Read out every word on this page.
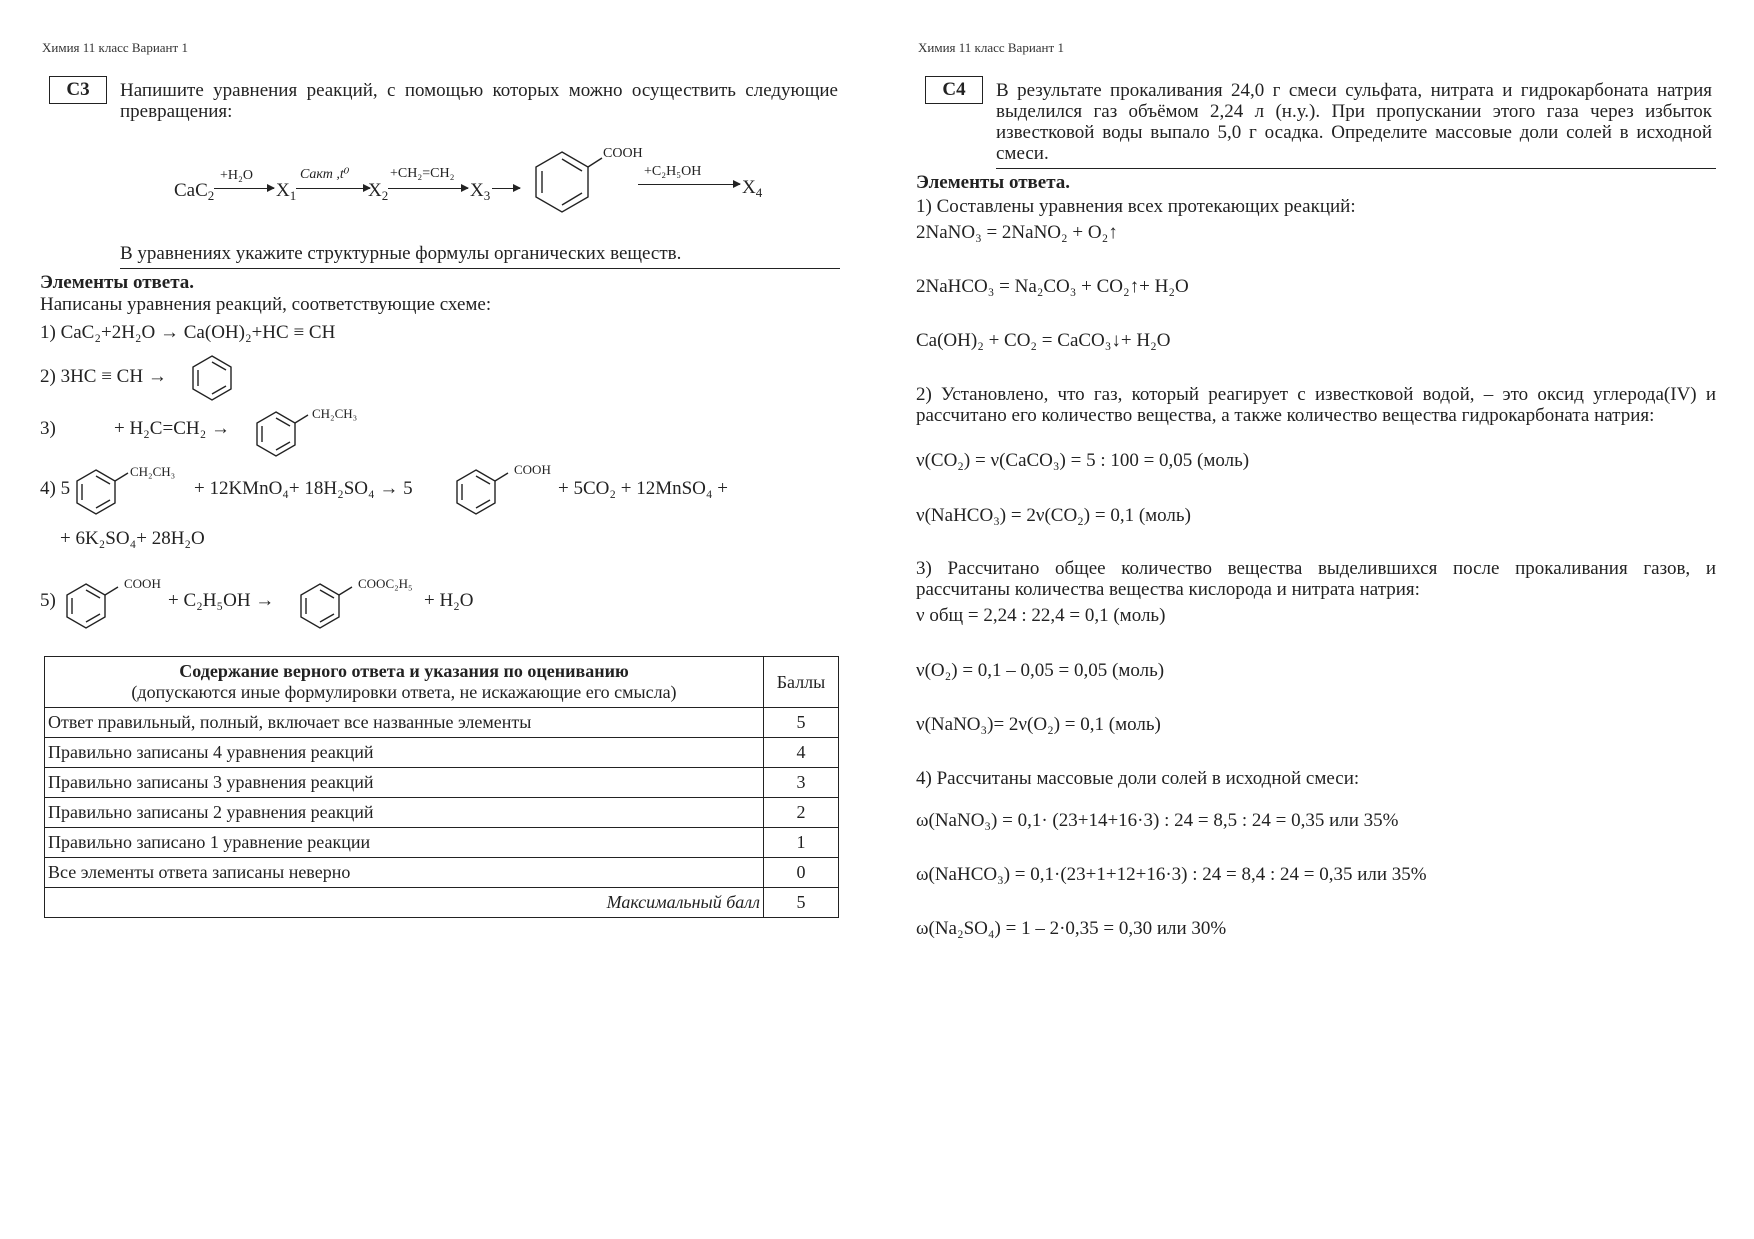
Химия 11 класс Вариант 1
C3	Напишите уравнения реакций, с помощью которых можно осуществить следующие превращения:
CaC$_2$
+H₂O
$X_1$
Cакт ,t⁰
$X_2$
+CH₂=CH₂
$X_3$
COOH
+C₂H₅OH
$X_4$
В уравнениях укажите структурные формулы органических веществ.
Элементы ответа.
Написаны уравнения реакций, соответствующие схеме:
1) CaC₂+2H₂O → Ca(OH)₂+HC ≡ CH
2) 3HC ≡ CH →
3)	+ H₂C=CH₂ →
CH₂CH₃
4) 5
CH₂CH₃
+ 12KMnO₄+ 18H₂SO₄ → 5
COOH
+ 5CO₂ + 12MnSO₄ +
+ 6K₂SO₄+ 28H₂O
5)
COOH
+ C₂H₅OH →
COOC₂H₅
+ H₂O
Содержание верного ответа и указания по оцениванию
(допускаются иные формулировки ответа, не искажающие его смысла)	Баллы
Ответ правильный, полный, включает все названные элементы	5
Правильно записаны 4 уравнения реакций	4
Правильно записаны 3 уравнения реакций	3
Правильно записаны 2 уравнения реакций	2
Правильно записано 1 уравнение реакции	1
Все элементы ответа записаны неверно	0
Максимальный балл	5
Химия 11 класс Вариант 1
C4	В результате прокаливания 24,0 г смеси сульфата, нитрата и гидрокарбоната натрия выделился газ объёмом 2,24 л (н.у.). При пропускании этого газа через избыток известковой воды выпало 5,0 г осадка. Определите массовые доли солей в исходной смеси.
Элементы ответа.
1) Составлены уравнения всех протекающих реакций:
2NaNO₃ = 2NaNO₂ + O₂↑
2NaHCO₃ = Na₂CO₃ + CO₂↑+ H₂O
Ca(OH)₂ + CO₂ = CaCO₃↓+ H₂O
2) Установлено, что газ, который реагирует с известковой водой, – это оксид углерода(IV) и рассчитано его количество вещества, а также количество вещества гидрокарбоната натрия:
ν(CO₂) = ν(CaCO₃) = 5 : 100 = 0,05 (моль)
ν(NaHCO₃) = 2ν(CO₂) = 0,1 (моль)
3) Рассчитано общее количество вещества выделившихся после прокаливания газов, и рассчитаны количества вещества кислорода и нитрата натрия:
ν общ = 2,24 : 22,4 = 0,1 (моль)
ν(O₂) = 0,1 – 0,05 = 0,05 (моль)
ν(NaNO₃)= 2ν(O₂) = 0,1 (моль)
4) Рассчитаны массовые доли солей в исходной смеси:
ω(NaNO₃) = 0,1· (23+14+16·3) : 24 = 8,5 : 24 = 0,35 или 35%
ω(NaHCO₃) = 0,1·(23+1+12+16·3) : 24 = 8,4 : 24 = 0,35 или 35%
ω(Na₂SO₄) = 1 – 2·0,35 = 0,30 или 30%
